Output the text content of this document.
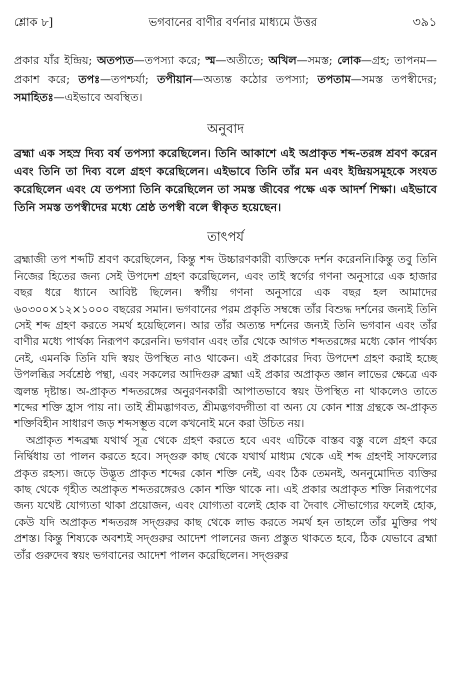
শ্লোক ৮]	ভগবানের বাণীর বর্ণনার মাধ্যমে উত্তর	৩৯১

প্রকার যাঁর ইন্দ্রিয়; অতপ্যত—তপস্যা করে; স্ম—অতীতে; অখিল—সমস্ত; লোক—গ্রহ; তাপনম—প্রকাশ করে; তপঃ—তপশ্চর্যা; তপীয়ান—অত্যন্ত কঠোর তপস্যা; তপতাম—সমস্ত তপস্বীদের; সমাহিতঃ—এইভাবে অবস্থিত।

অনুবাদ

ব্রহ্মা এক সহস্র দিব্য বর্ষ তপস্যা করেছিলেন। তিনি আকাশে এই অপ্রাকৃত শব্দ-তরঙ্গ শ্রবণ করেন এবং তিনি তা দিব্য বলে গ্রহণ করেছিলেন। এইভাবে তিনি তাঁর মন এবং ইন্দ্রিয়সমূহকে সংযত করেছিলেন এবং যে তপস্যা তিনি করেছিলেন তা সমস্ত জীবের পক্ষে এক আদর্শ শিক্ষা। এইভাবে তিনি সমস্ত তপস্বীদের মধ্যে শ্রেষ্ঠ তপস্বী বলে স্বীকৃত হয়েছেন।

তাৎপর্য

ব্রহ্মাজী তপ শব্দটি শ্রবণ করেছিলেন, কিন্তু শব্দ উচ্চারণকারী ব্যক্তিকে দর্শন করেননি।কিন্তু তবু তিনি নিজের হিতের জন্য সেই উপদেশ গ্রহণ করেছিলেন, এবং তাই স্বর্গের গণনা অনুসারে এক হাজার বছর ধরে ধ্যানে আবিষ্ট ছিলেন। স্বর্গীয় গণনা অনুসারে এক বছর হল আমাদের ৬০৩০০×১২×১০০০ বছরের সমান। ভগবানের পরম প্রকৃতি সম্বন্ধে তাঁর বিশুদ্ধ দর্শনের জন্যই তিনি সেই শব্দ গ্রহণ করতে সমর্থ হয়েছিলেন। আর তাঁর অত্যন্ত দর্শনের জন্যই তিনি ভগবান এবং তাঁর বাণীর মধ্যে পার্থক্য নিরূপণ করেননি। ভগবান এবং তাঁর থেকে আগত শব্দতরঙ্গের মধ্যে কোন পার্থক্য নেই, এমনকি তিনি যদি স্বয়ং উপস্থিত নাও থাকেন। এই প্রকারের দিব্য উপদেশ গ্রহণ করাই হচ্ছে উপলব্ধির সর্বশ্রেষ্ঠ পন্থা, এবং সকলের আদিগুরু ব্রহ্মা এই প্রকার অপ্রাকৃত জ্ঞান লাভের ক্ষেত্রে এক জ্বলন্ত দৃষ্টান্ত। অ-প্রাকৃত শব্দতরঙ্গের অনুরণনকারী আপাতভাবে স্বয়ং উপস্থিত না থাকলেও তাতে শব্দের শক্তি হ্রাস পায় না। তাই শ্রীমদ্ভাগবত, শ্রীমদ্ভগবদ্গীতা বা অন্য যে কোন শাস্ত্র গ্রন্থকে অ-প্রাকৃত শক্তিবিহীন সাধারণ জড় শব্দসম্ভূত বলে কখনোই মনে করা উচিত নয়।

অপ্রাকৃত শব্দব্রহ্ম যথার্থ সূত্র থেকে গ্রহণ করতে হবে এবং এটিকে বাস্তব বস্তু বলে গ্রহণ করে নির্দ্বিধায় তা পালন করতে হবে। সদ্গুরু কাছ থেকে যথার্থ মাধ্যম থেকে এই শব্দ গ্রহণই সাফল্যের প্রকৃত রহস্য। জড়ে উদ্ভূত প্রাকৃত শব্দের কোন শক্তি নেই, এবং ঠিক তেমনই, অননুমোদিত ব্যক্তির কাছ থেকে গৃহীত অপ্রাকৃত শব্দতরঙ্গেরও কোন শক্তি থাকে না। এই প্রকার অপ্রাকৃত শক্তি নিরূপণের জন্য যথেষ্ট যোগ্যতা থাকা প্রয়োজন, এবং যোগ্যতা বলেই হোক বা দৈবাৎ সৌভাগ্যের ফলেই হোক, কেউ যদি অপ্রাকৃত শব্দতরঙ্গ সদ্গুরুর কাছ থেকে লাভ করতে সমর্থ হন তাহলে তাঁর মুক্তির পথ প্রশস্ত। কিন্তু শিষ্যকে অবশ্যই সদ্গুরুর আদেশ পালনের জন্য প্রস্তুত থাকতে হবে, ঠিক যেভাবে ব্রহ্মা তাঁর গুরুদেব স্বয়ং ভগবানের আদেশ পালন করেছিলেন। সদ্গুরুর
